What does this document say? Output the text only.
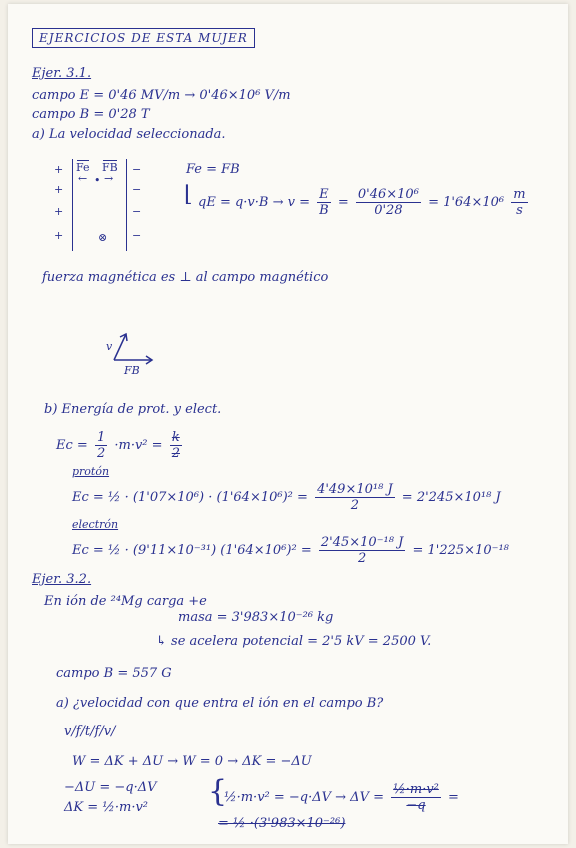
EJERCICIOS DE ESTA MUJER
Ejer. 3.1.
campo E = 0'46 MV/m → 0'46×10⁶ V/m
campo B = 0'28 T
a) La velocidad seleccionada.
+
+
+
+
−
−
−
−
Fe FB
← • →
⊗
Fe = FB
⌊ qE = $q\cdot v\cdot B \to v = \frac{E}{B} = \frac{\text{0'46×10⁶}}{0'28} = 1'64\times 10^6 \frac{m}{s}$
fuerza magnética es ⊥ al campo magnético
v
FB
b) Energía de prot. y elect.
$Ec = \frac{1}{2} \cdot m\cdot v^2 = \frac{k}{2}$
protón
Ec = ½ · $(1'07\times 10^6) \cdot (1'64\times 10^6)^2 = \frac{\text{4'49×10¹⁸ J}}{2} = 2'245\times 10^{18}$ J
electrón
Ec = ½ · (9'11×10⁻³¹) $(1'64\times 10^6)^2 = \frac{\text{2'45×10⁻¹⁸ J}}{2} = 1'225\times 10^{-18}$
Ejer. 3.2.
En ión de ²⁴Mg carga +e
masa = 3'983×10⁻²⁶ kg
↳ se acelera potencial = 2'5 kV = 2500 V.
campo B = 557 G
a) ¿velocidad con que entra el ión en el campo B?
v/f/t/f/v/
W = ΔK + ΔU → W = 0 → ΔK = −ΔU
−ΔU = −q·ΔV
ΔK = ½·m·v² {
½·m·v² = $-q\cdot\Delta V \to \Delta V = \frac{\text{½·m·v²}}{-q}$ =
= ½ ·(3'983×10⁻²⁶)
